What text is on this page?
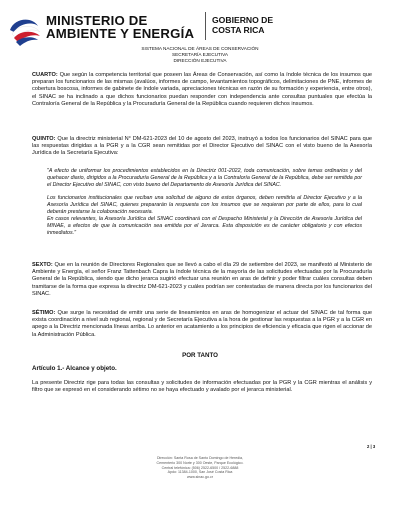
MINISTERIO DE AMBIENTE Y ENERGÍA
GOBIERNO DE COSTA RICA
SISTEMA NACIONAL DE ÁREAS DE CONSERVACIÓN
SECRETARÍA EJECUTIVA
DIRECCIÓN EJECUTIVA

CUARTO: Que según la competencia territorial que poseen las Áreas de Conservación, así como la índole técnica de los insumos que preparan los funcionarios de las mismas (avalúos, informes de campo, levantamientos topográficos, delimitaciones de PNE, informes de cobertura boscosa, informes de gabinete de índole variada, apreciaciones técnicas en razón de su formación y experiencia, entre otros), el SINAC se ha inclinado a que dichos funcionarios puedan responder con independencia ante consultas puntuales que efectúa la Contraloría General de la República y la Procuraduría General de la República cuando requieren dichos insumos.

QUINTO: Que la directriz ministerial N° DM-621-2023 del 10 de agosto del 2023, instruyó a todos los funcionarios del SINAC para que las respuestas dirigidas a la PGR y a la CGR sean remitidas por el Director Ejecutivo del SINAC con el visto bueno de la Asesoría Jurídica de la Secretaría Ejecutiva:

"A efecto de uniformar los procedimientos establecidos en la Directriz 001-2022, toda comunicación, sobre temas ordinarios y del quehacer diario, dirigidos a la Procuraduría General de la República y a la Contraloría General de la República, debe ser remitida por el Director Ejecutivo del SINAC, con visto bueno del Departamento de Asesoría Jurídica del SINAC.

Los funcionarios institucionales que reciban una solicitud de alguno de estos órganos, deben remitirla al Director Ejecutivo y a la Asesoría Jurídica del SINAC, quienes prepararán la respuesta con los insumos que se requieran por parte de ellos, para lo cual deberán prestarse la colaboración necesaria.

En casos relevantes, la Asesoría Jurídica del SINAC coordinará con el Despacho Ministerial y la Dirección de Asesoría Jurídica del MINAE, a efectos de que la comunicación sea emitida por el Jerarca. Esta disposición es de carácter obligatorio y con efectos inmediatos."

SEXTO: Que en la reunión de Directores Regionales que se llevó a cabo el día 29 de setiembre del 2023, se manifestó al Ministerio de Ambiente y Energía, el señor Franz Tattenbach Capra la índole técnica de la mayoría de las solicitudes efectuadas por la Procuraduría General de la República, siendo que dicho jerarca sugirió efectuar una reunión en aras de definir y poder filtrar cuáles consultas deben tramitarse de la forma que expresa la directriz DM-621-2023 y cuáles podrían ser contestadas de manera directa por los funcionarios del SINAC.

SÉTIMO: Que surge la necesidad de emitir una serie de lineamientos en aras de homogenizar el actuar del SINAC de tal forma que exista coordinación a nivel sub regional, regional y de Secretaría Ejecutiva a la hora de gestionar las respuestas a la PGR y a la CGR en apego a la Directriz mencionada líneas arriba. Lo anterior en acatamiento a los principios de eficiencia y eficacia que rigen el accionar de la Administración Pública.

POR TANTO
Artículo 1.- Alcance y objeto.

La presente Directriz rige para todas las consultas y solicitudes de información efectuadas por la PGR y la CGR mientras el análisis y filtro que se expresó en el considerando sétimo no se haya efectuado y avalado por el jerarca ministerial.

2 | 3
Dirección: Santa Rosa de Santo Domingo de Heredia,
Cementerio 300 Norte y 300 Oeste, Parque Ecológico.
Central telefónica: (506) 2522-6500 / 2522-6888
Apdo: 11384-1000, San José Costa Rica
www.sinac.go.cr
